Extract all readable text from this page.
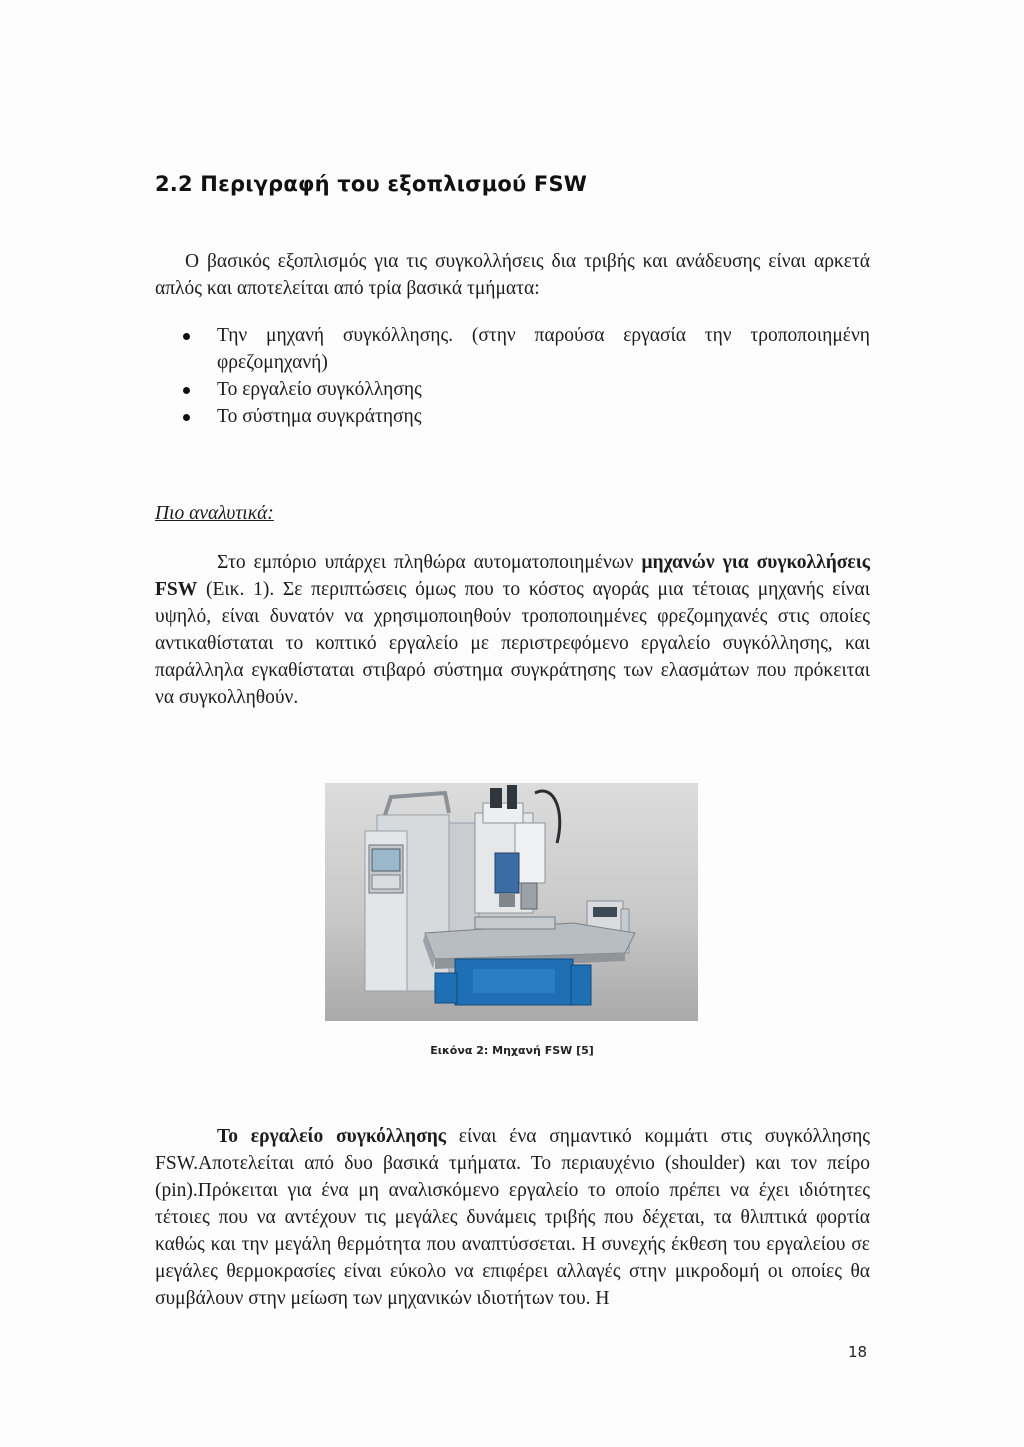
2.2 Περιγραφή του εξοπλισμού FSW
Ο βασικός εξοπλισμός για τις συγκολλήσεις δια τριβής και ανάδευσης είναι αρκετά απλός και αποτελείται από τρία βασικά τμήματα:
Την μηχανή συγκόλλησης. (στην παρούσα εργασία την τροποποιημένη φρεζομηχανή)
Το εργαλείο συγκόλλησης
Το σύστημα συγκράτησης
Πιο αναλυτικά:
Στο εμπόριο υπάρχει πληθώρα αυτοματοποιημένων μηχανών για συγκολλήσεις FSW (Εικ. 1). Σε περιπτώσεις όμως που το κόστος αγοράς μια τέτοιας μηχανής είναι υψηλό, είναι δυνατόν να χρησιμοποιηθούν τροποποιημένες φρεζομηχανές στις οποίες αντικαθίσταται το κοπτικό εργαλείο με περιστρεφόμενο εργαλείο συγκόλλησης, και παράλληλα εγκαθίσταται στιβαρό σύστημα συγκράτησης των ελασμάτων που πρόκειται να συγκολληθούν.
Εικόνα 2: Μηχανή FSW [5]
Το εργαλείο συγκόλλησης είναι ένα σημαντικό κομμάτι στις συγκόλλησης FSW.Αποτελείται από δυο βασικά τμήματα. Το περιαυχένιο (shoulder) και τον πείρο (pin).Πρόκειται για ένα μη αναλισκόμενο εργαλείο το οποίο πρέπει να έχει ιδιότητες τέτοιες που να αντέχουν τις μεγάλες δυνάμεις τριβής που δέχεται, τα θλιπτικά φορτία καθώς και την μεγάλη θερμότητα που αναπτύσσεται. Η συνεχής έκθεση του εργαλείου σε μεγάλες θερμοκρασίες είναι εύκολο να επιφέρει αλλαγές στην μικροδομή οι οποίες θα συμβάλουν στην μείωση των μηχανικών ιδιοτήτων του. Η
18
